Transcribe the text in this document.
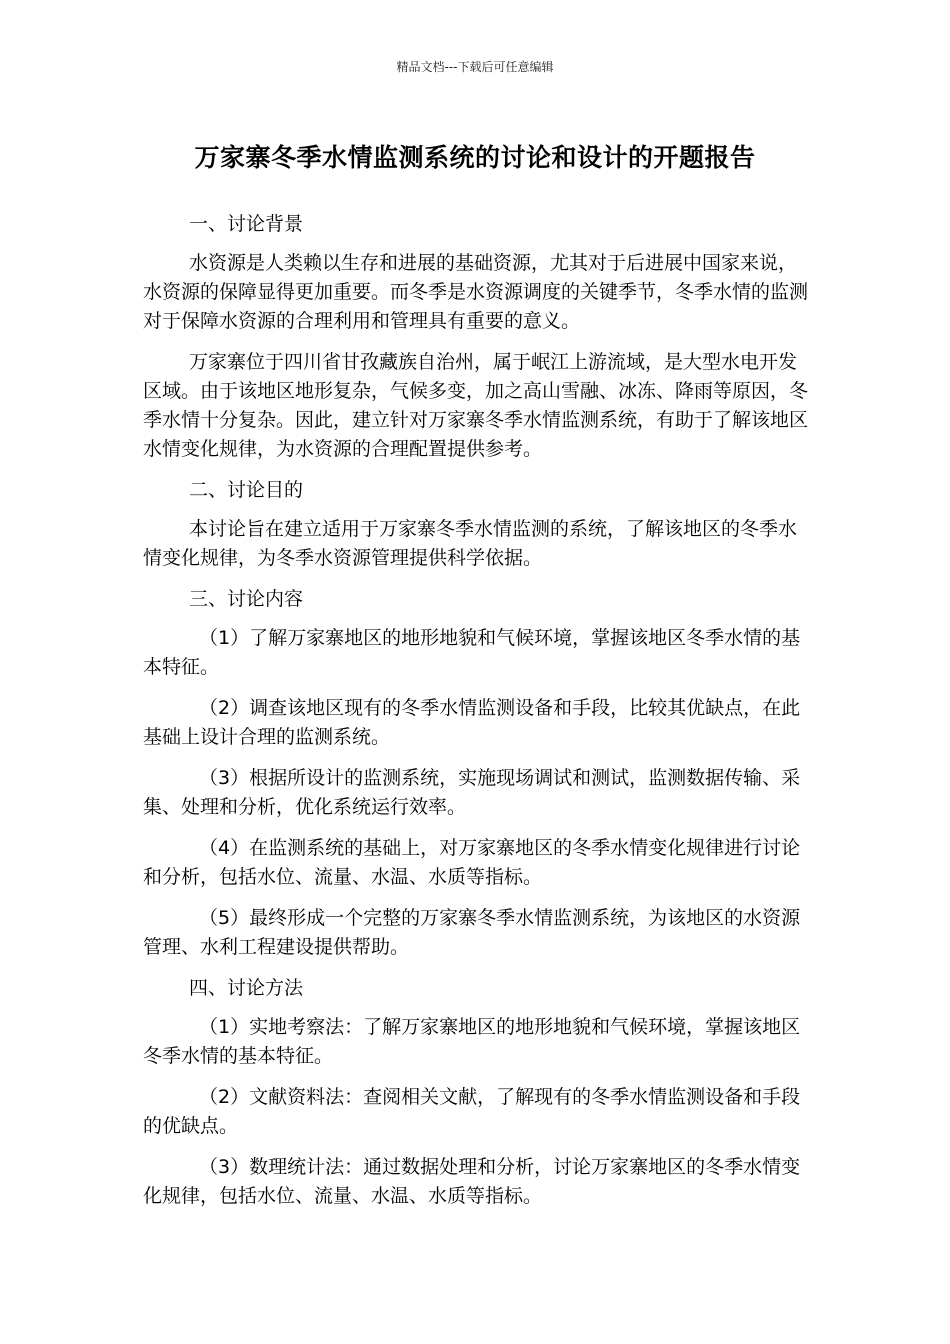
精品文档---下载后可任意编辑
万家寨冬季水情监测系统的讨论和设计的开题报告

一、讨论背景

水资源是人类赖以生存和进展的基础资源，尤其对于后进展中国家来说，水资源的保障显得更加重要。而冬季是水资源调度的关键季节，冬季水情的监测对于保障水资源的合理利用和管理具有重要的意义。

万家寨位于四川省甘孜藏族自治州，属于岷江上游流域，是大型水电开发区域。由于该地区地形复杂，气候多变，加之高山雪融、冰冻、降雨等原因，冬季水情十分复杂。因此，建立针对万家寨冬季水情监测系统，有助于了解该地区水情变化规律，为水资源的合理配置提供参考。

二、讨论目的

本讨论旨在建立适用于万家寨冬季水情监测的系统，了解该地区的冬季水情变化规律，为冬季水资源管理提供科学依据。

三、讨论内容

（1）了解万家寨地区的地形地貌和气候环境，掌握该地区冬季水情的基本特征。

（2）调查该地区现有的冬季水情监测设备和手段，比较其优缺点，在此基础上设计合理的监测系统。

（3）根据所设计的监测系统，实施现场调试和测试，监测数据传输、采集、处理和分析，优化系统运行效率。

（4）在监测系统的基础上，对万家寨地区的冬季水情变化规律进行讨论和分析，包括水位、流量、水温、水质等指标。

（5）最终形成一个完整的万家寨冬季水情监测系统，为该地区的水资源管理、水利工程建设提供帮助。

四、讨论方法

（1）实地考察法：了解万家寨地区的地形地貌和气候环境，掌握该地区冬季水情的基本特征。

（2）文献资料法：查阅相关文献，了解现有的冬季水情监测设备和手段的优缺点。

（3）数理统计法：通过数据处理和分析，讨论万家寨地区的冬季水情变化规律，包括水位、流量、水温、水质等指标。
